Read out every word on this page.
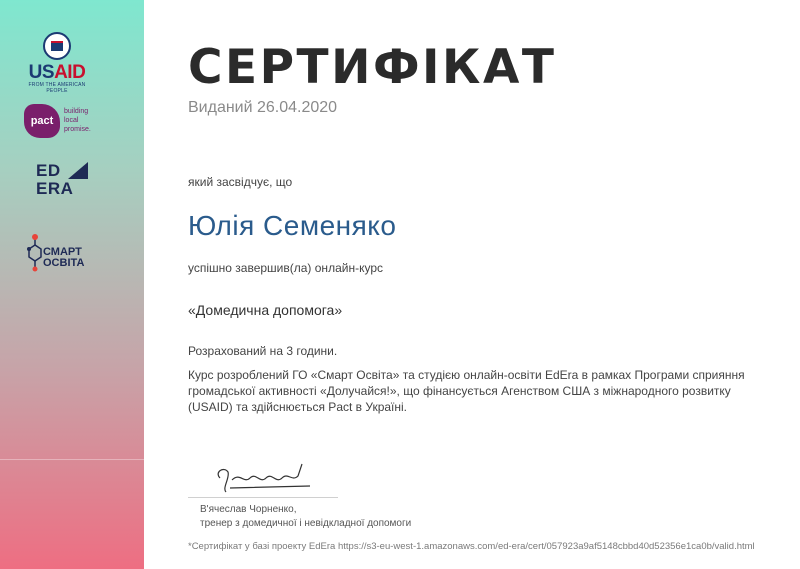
USAID
FROM THE AMERICAN PEOPLE
pact
building
local
promise.
ED
ERA
СМАРТ
ОСВІТА
СЕРТИФІКАТ
Виданий 26.04.2020
який засвідчує, що
Юлія Семеняко
успішно завершив(ла) онлайн-курс
«Домедична допомога»
Розрахований на 3 години.
Курс розроблений ГО «Смарт Освіта» та студією онлайн-освіти EdEra в рамках Програми сприяння громадської активності «Долучайся!», що фінансується Агенством США з міжнародного розвитку (USAID) та здійснюється Pact в Україні.
В'ячеслав Чорненко,
тренер з домедичної і невідкладної допомоги
*Сертифікат у базі проекту EdEra https://s3-eu-west-1.amazonaws.com/ed-era/cert/057923a9af5148cbbd40d52356e1ca0b/valid.html
